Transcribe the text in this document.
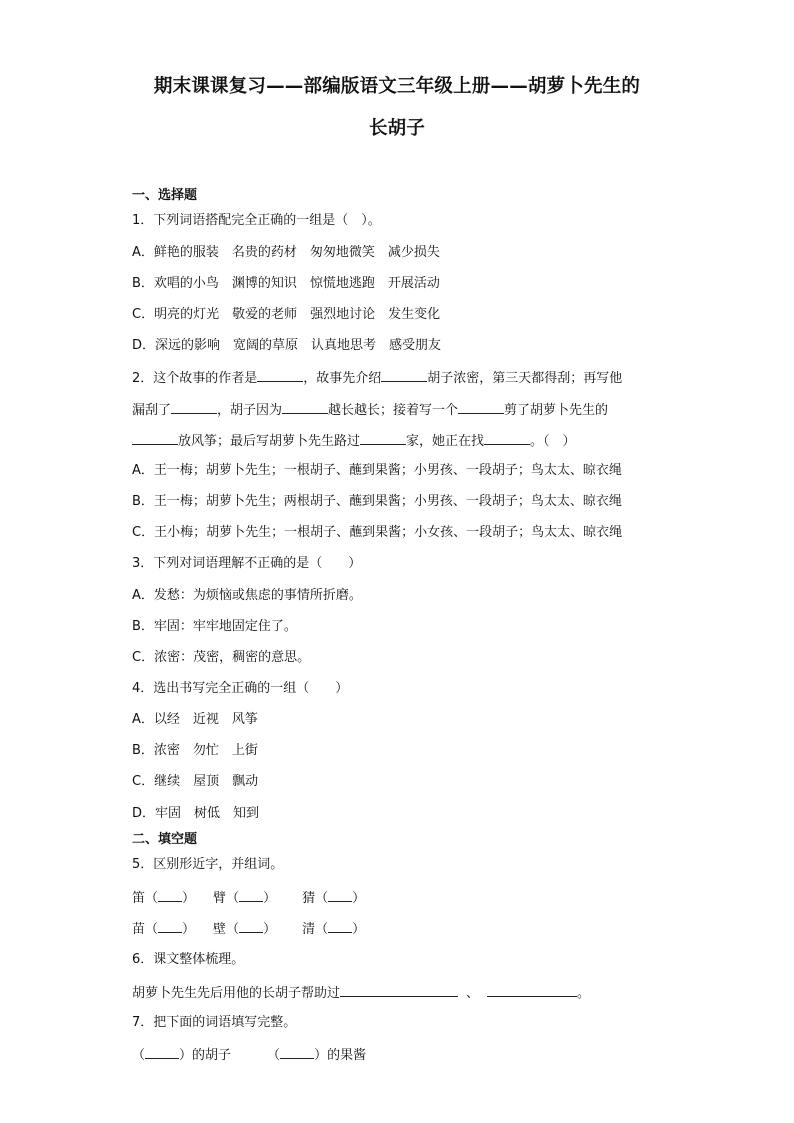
期末课课复习——部编版语文三年级上册——胡萝卜先生的
长胡子
一、选择题
1．下列词语搭配完全正确的一组是（　）。
A．鲜艳的服装　名贵的药材　匆匆地微笑　减少损失
B．欢唱的小鸟　渊博的知识　惊慌地逃跑　开展活动
C．明亮的灯光　敬爱的老师　强烈地讨论　发生变化
D．深远的影响　宽阔的草原　认真地思考　感受朋友
2．这个故事的作者是	，故事先介绍	胡子浓密，第三天都得刮；再写他
漏刮了	，胡子因为	越长越长；接着写一个	剪了胡萝卜先生的
放风筝；最后写胡萝卜先生路过	家，她正在找	。（　）
A．王一梅；胡萝卜先生；一根胡子、蘸到果酱；小男孩、一段胡子；鸟太太、晾衣绳
B．王一梅；胡萝卜先生；两根胡子、蘸到果酱；小男孩、一段胡子；鸟太太、晾衣绳
C．王小梅；胡萝卜先生；一根胡子、蘸到果酱；小女孩、一段胡子；鸟太太、晾衣绳
3．下列对词语理解不正确的是（　　）
A．发愁：为烦恼或焦虑的事情所折磨。
B．牢固：牢牢地固定住了。
C．浓密：茂密，稠密的意思。
4．选出书写完全正确的一组（　　）
A．以经　近视　风筝
B．浓密　勿忙　上街
C．继续　屋顶　飘动
D．牢固　树低　知到
二、填空题
5．区别形近字，并组词。
笛（ ） 臂（ ） 猜（ ）
苗（ ） 壁（ ） 清（ ）
6．课文整体梳理。
胡萝卜先生先后用他的长胡子帮助过	、	。
7．把下面的词语填写完整。
（	）的胡子	（	）的果酱
